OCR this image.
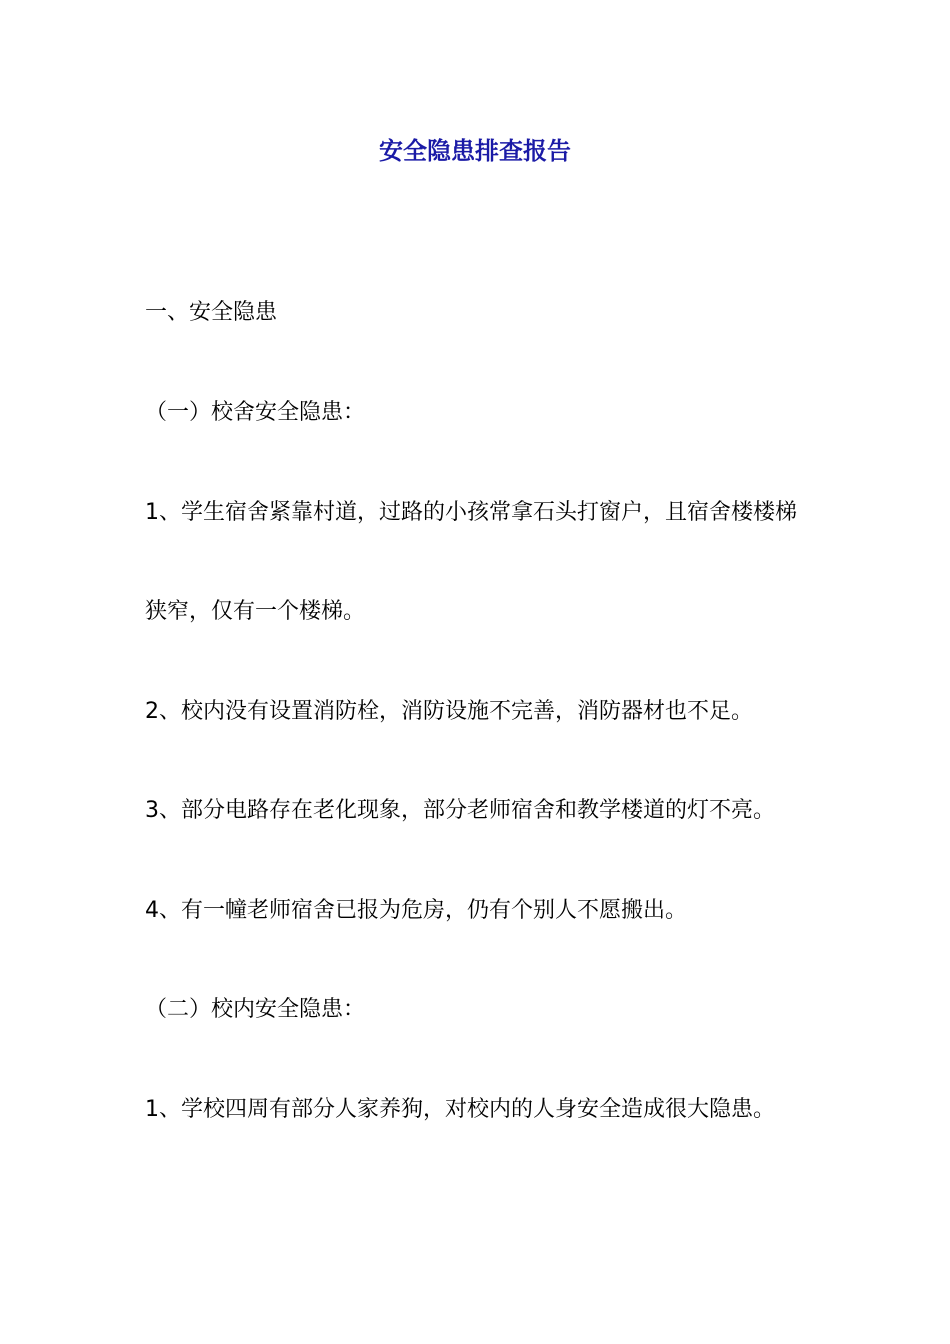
安全隐患排查报告
一、安全隐患
（一）校舍安全隐患：
1、学生宿舍紧靠村道，过路的小孩常拿石头打窗户，且宿舍楼楼梯
狭窄，仅有一个楼梯。
2、校内没有设置消防栓，消防设施不完善，消防器材也不足。
3、部分电路存在老化现象，部分老师宿舍和教学楼道的灯不亮。
4、有一幢老师宿舍已报为危房，仍有个别人不愿搬出。
（二）校内安全隐患：
1、学校四周有部分人家养狗，对校内的人身安全造成很大隐患。
